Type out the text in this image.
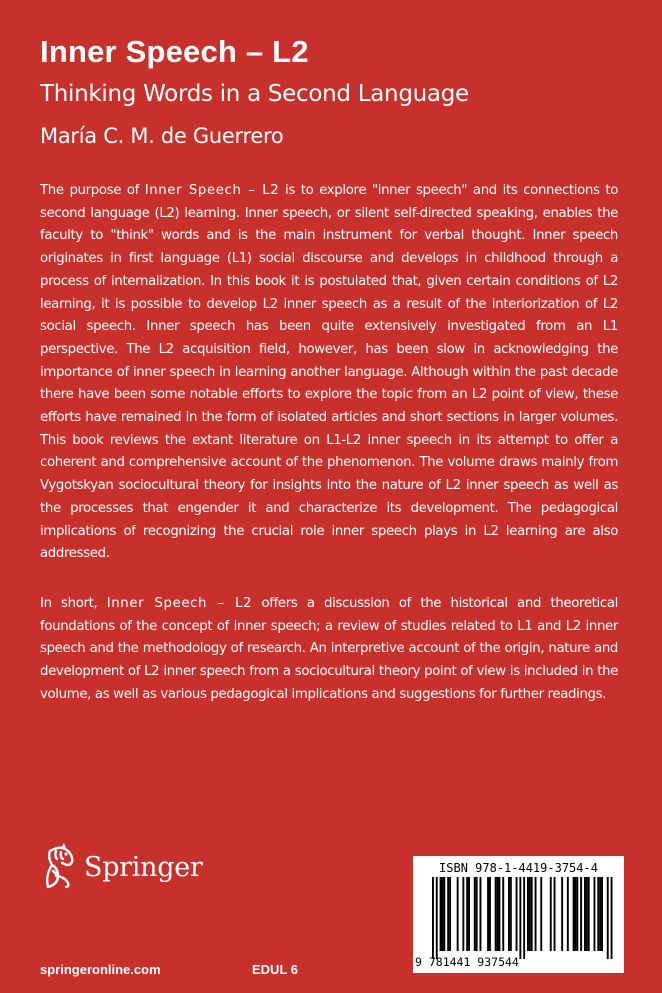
Inner Speech – L2
Thinking Words in a Second Language
María C. M. de Guerrero

The purpose of Inner Speech – L2 is to explore "inner speech" and its connections to second language (L2) learning. Inner speech, or silent self-directed speaking, enables the faculty to "think" words and is the main instrument for verbal thought. Inner speech originates in first language (L1) social discourse and develops in childhood through a process of internalization. In this book it is postulated that, given certain conditions of L2 learning, it is possible to develop L2 inner speech as a result of the interiorization of L2 social speech. Inner speech has been quite extensively investigated from an L1 perspective. The L2 acquisition field, however, has been slow in acknowledging the importance of inner speech in learning another language. Although within the past decade there have been some notable efforts to explore the topic from an L2 point of view, these efforts have remained in the form of isolated articles and short sections in larger volumes. This book reviews the extant literature on L1-L2 inner speech in its attempt to offer a coherent and comprehensive account of the phenomenon. The volume draws mainly from Vygotskyan sociocultural theory for insights into the nature of L2 inner speech as well as the processes that engender it and characterize its development. The pedagogical implications of recognizing the crucial role inner speech plays in L2 learning are also addressed.

In short, Inner Speech – L2 offers a discussion of the historical and theoretical foundations of the concept of inner speech; a review of studies related to L1 and L2 inner speech and the methodology of research. An interpretive account of the origin, nature and development of L2 inner speech from a sociocultural theory point of view is included in the volume, as well as various pedagogical implications and suggestions for further readings.

Springer
springeronline.com	EDUL 6
ISBN 978-1-4419-3754-4
9 781441 937544
